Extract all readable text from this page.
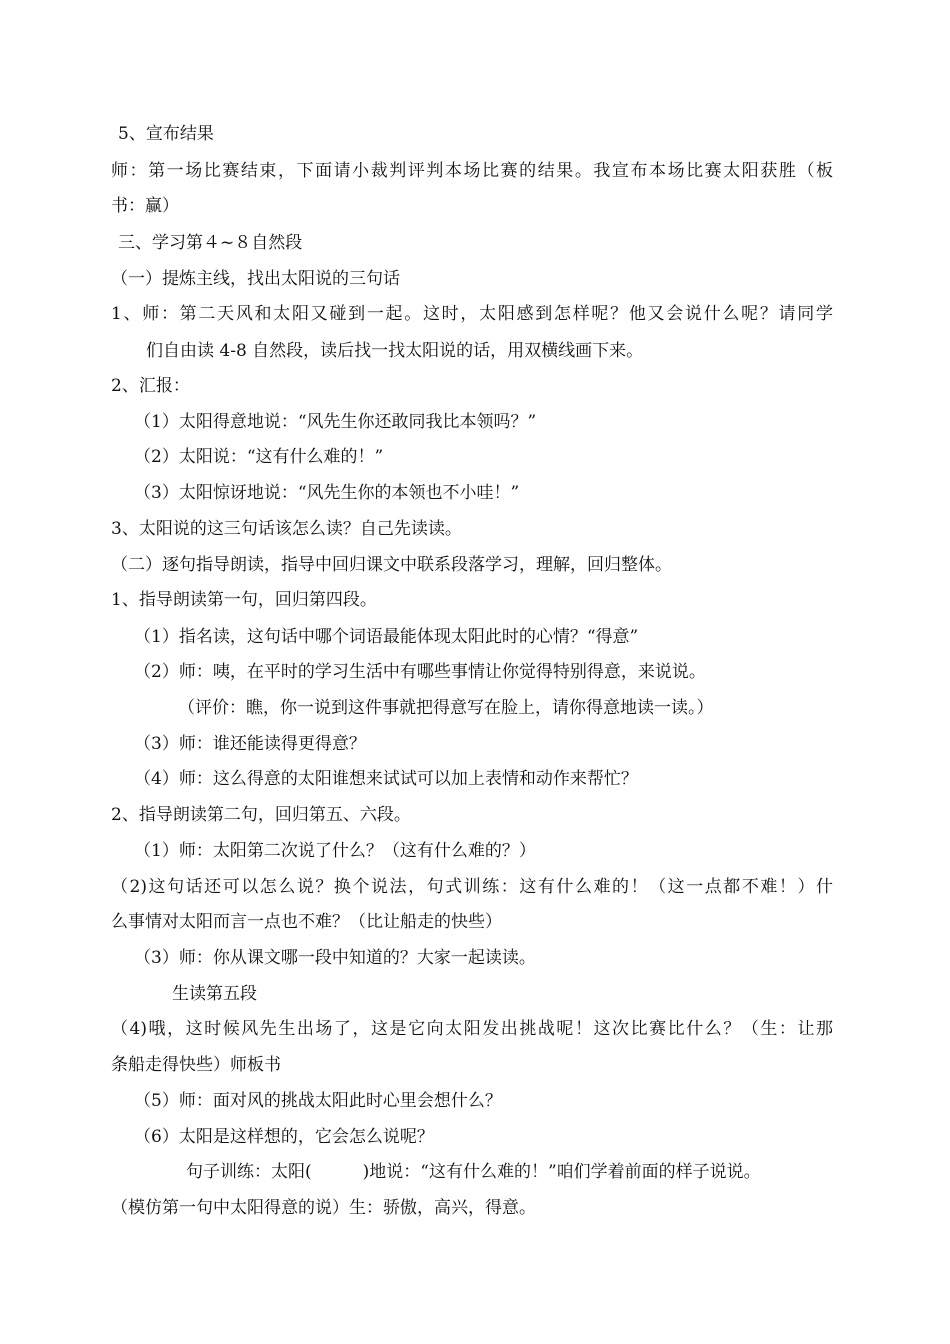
5、宣布结果
师：第一场比赛结束，下面请小裁判评判本场比赛的结果。我宣布本场比赛太阳获胜（板
书：赢）
三、学习第４~８自然段
（一）提炼主线，找出太阳说的三句话
1、师：第二天风和太阳又碰到一起。这时，太阳感到怎样呢？他又会说什么呢？请同学
们自由读 4-8 自然段，读后找一找太阳说的话，用双横线画下来。
2、汇报：
（1）太阳得意地说：“风先生你还敢同我比本领吗？”
（2）太阳说：“这有什么难的！”
（3）太阳惊讶地说：“风先生你的本领也不小哇！”
3、太阳说的这三句话该怎么读？自己先读读。
（二）逐句指导朗读，指导中回归课文中联系段落学习，理解，回归整体。
1、指导朗读第一句，回归第四段。
（1）指名读，这句话中哪个词语最能体现太阳此时的心情？“得意”
（2）师：咦，在平时的学习生活中有哪些事情让你觉得特别得意，来说说。
（评价：瞧，你一说到这件事就把得意写在脸上，请你得意地读一读。）
（3）师：谁还能读得更得意？
（4）师：这么得意的太阳谁想来试试可以加上表情和动作来帮忙？
2、指导朗读第二句，回归第五、六段。
（1）师：太阳第二次说了什么？（这有什么难的？）
（2)这句话还可以怎么说？换个说法，句式训练：这有什么难的！（这一点都不难！）什
么事情对太阳而言一点也不难？（比让船走的快些）
（3）师：你从课文哪一段中知道的？大家一起读读。
生读第五段
（4)哦，这时候风先生出场了，这是它向太阳发出挑战呢！这次比赛比什么？（生：让那
条船走得快些）师板书
（5）师：面对风的挑战太阳此时心里会想什么？
（6）太阳是这样想的，它会怎么说呢？
句子训练：太阳(　　　)地说：“这有什么难的！”咱们学着前面的样子说说。
（模仿第一句中太阳得意的说）生：骄傲，高兴，得意。
